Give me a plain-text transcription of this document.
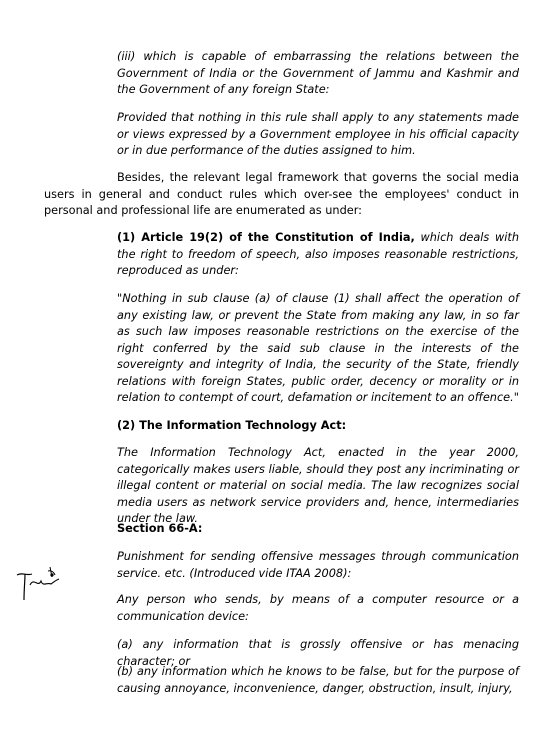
(iii) which is capable of embarrassing the relations between the Government of India or the Government of Jammu and Kashmir and the Government of any foreign State:

Provided that nothing in this rule shall apply to any statements made or views expressed by a Government employee in his official capacity or in due performance of the duties assigned to him.

Besides, the relevant legal framework that governs the social media users in general and conduct rules which over-see the employees' conduct in personal and professional life are enumerated as under:

(1) Article 19(2) of the Constitution of India, which deals with the right to freedom of speech, also imposes reasonable restrictions, reproduced as under:

"Nothing in sub clause (a) of clause (1) shall affect the operation of any existing law, or prevent the State from making any law, in so far as such law imposes reasonable restrictions on the exercise of the right conferred by the said sub clause in the interests of the sovereignty and integrity of India, the security of the State, friendly relations with foreign States, public order, decency or morality or in relation to contempt of court, defamation or incitement to an offence."

(2) The Information Technology Act:

The Information Technology Act, enacted in the year 2000, categorically makes users liable, should they post any incriminating or illegal content or material on social media. The law recognizes social media users as network service providers and, hence, intermediaries under the law.

Section 66-A:

Punishment for sending offensive messages through communication service. etc. (Introduced vide ITAA 2008):

Any person who sends, by means of a computer resource or a communication device:

(a) any information that is grossly offensive or has menacing character; or

(b) any information which he knows to be false, but for the purpose of causing annoyance, inconvenience, danger, obstruction, insult, injury,
